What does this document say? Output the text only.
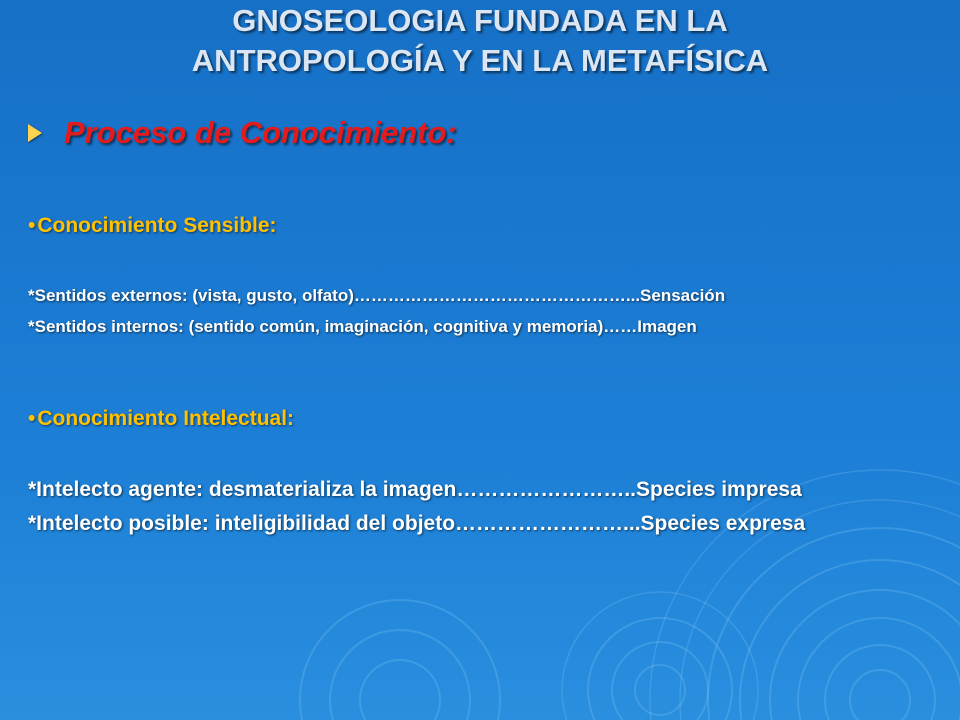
GNOSEOLOGIA FUNDADA EN LA
ANTROPOLOGÍA Y EN LA METAFÍSICA
Proceso de Conocimiento:
•Conocimiento Sensible:
*Sentidos externos: (vista, gusto, olfato)…………………………………………...Sensación
*Sentidos internos: (sentido común, imaginación, cognitiva y memoria)……Imagen
•Conocimiento Intelectual:
*Intelecto agente: desmaterializa la imagen……………………..Species impresa
*Intelecto posible: inteligibilidad del objeto……………………...Species expresa
